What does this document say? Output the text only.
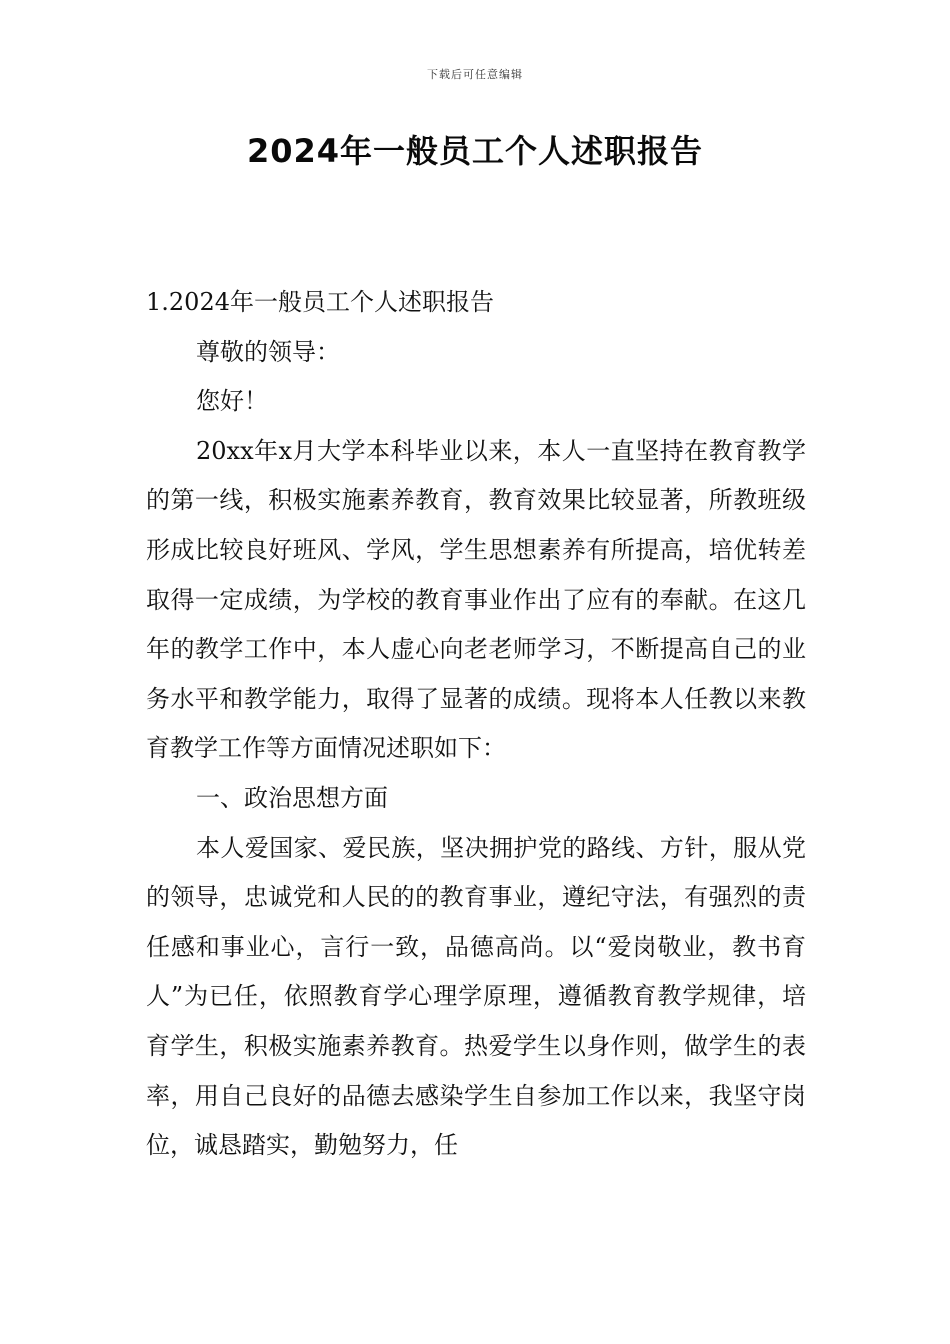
下载后可任意编辑
2024年一般员工个人述职报告

1.2024年一般员工个人述职报告

尊敬的领导：

您好！

20xx年x月大学本科毕业以来，本人一直坚持在教育教学的第一线，积极实施素养教育，教育效果比较显著，所教班级形成比较良好班风、学风，学生思想素养有所提高，培优转差取得一定成绩，为学校的教育事业作出了应有的奉献。在这几年的教学工作中，本人虚心向老老师学习，不断提高自己的业务水平和教学能力，取得了显著的成绩。现将本人任教以来教育教学工作等方面情况述职如下：

一、政治思想方面

本人爱国家、爱民族，坚决拥护党的路线、方针，服从党的领导，忠诚党和人民的的教育事业，遵纪守法，有强烈的责任感和事业心，言行一致，品德高尚。以“爱岗敬业，教书育人”为已任，依照教育学心理学原理，遵循教育教学规律，培育学生，积极实施素养教育。热爱学生以身作则，做学生的表率，用自己良好的品德去感染学生自参加工作以来，我坚守岗位，诚恳踏实，勤勉努力，任
